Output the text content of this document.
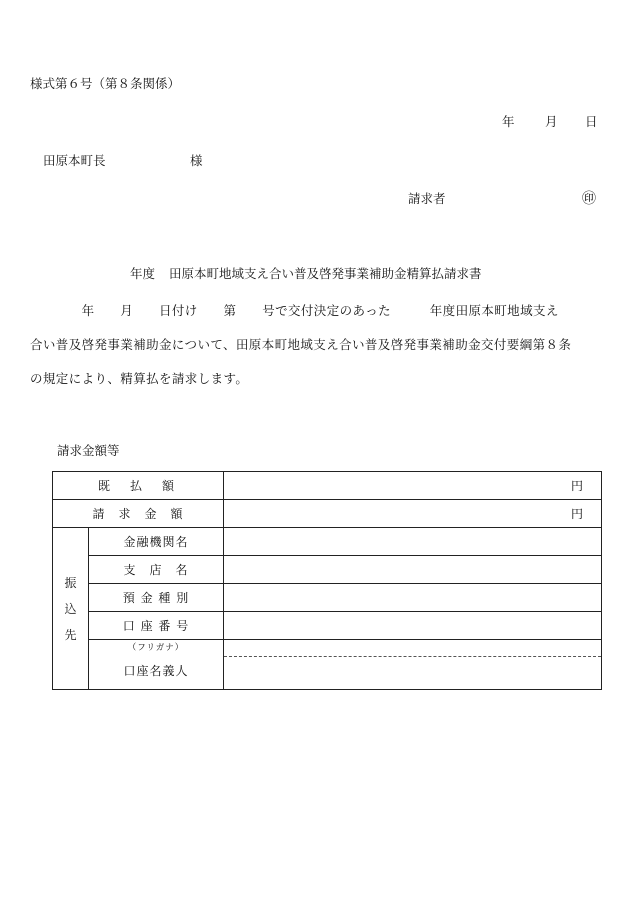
様式第６号（第８条関係）
年 月 日
田原本町長	様
請求者	㊞
年度 田原本町地域支え合い普及啓発事業補助金精算払請求書
　　　　年　　月　　日付け　　第　　号で交付決定のあった　　　年度田原本町地域支え
合い普及啓発事業補助金について、田原本町地域支え合い普及啓発事業補助金交付要綱第８条
の規定により、精算払を請求します。
請求金額等
既　払　額		円
請　求　金　額		円

振
込
先	金融機関名	
	支　店　名	
	預 金 種 別	
	口 座 番 号	

	（フリガナ）
口座名義人	
